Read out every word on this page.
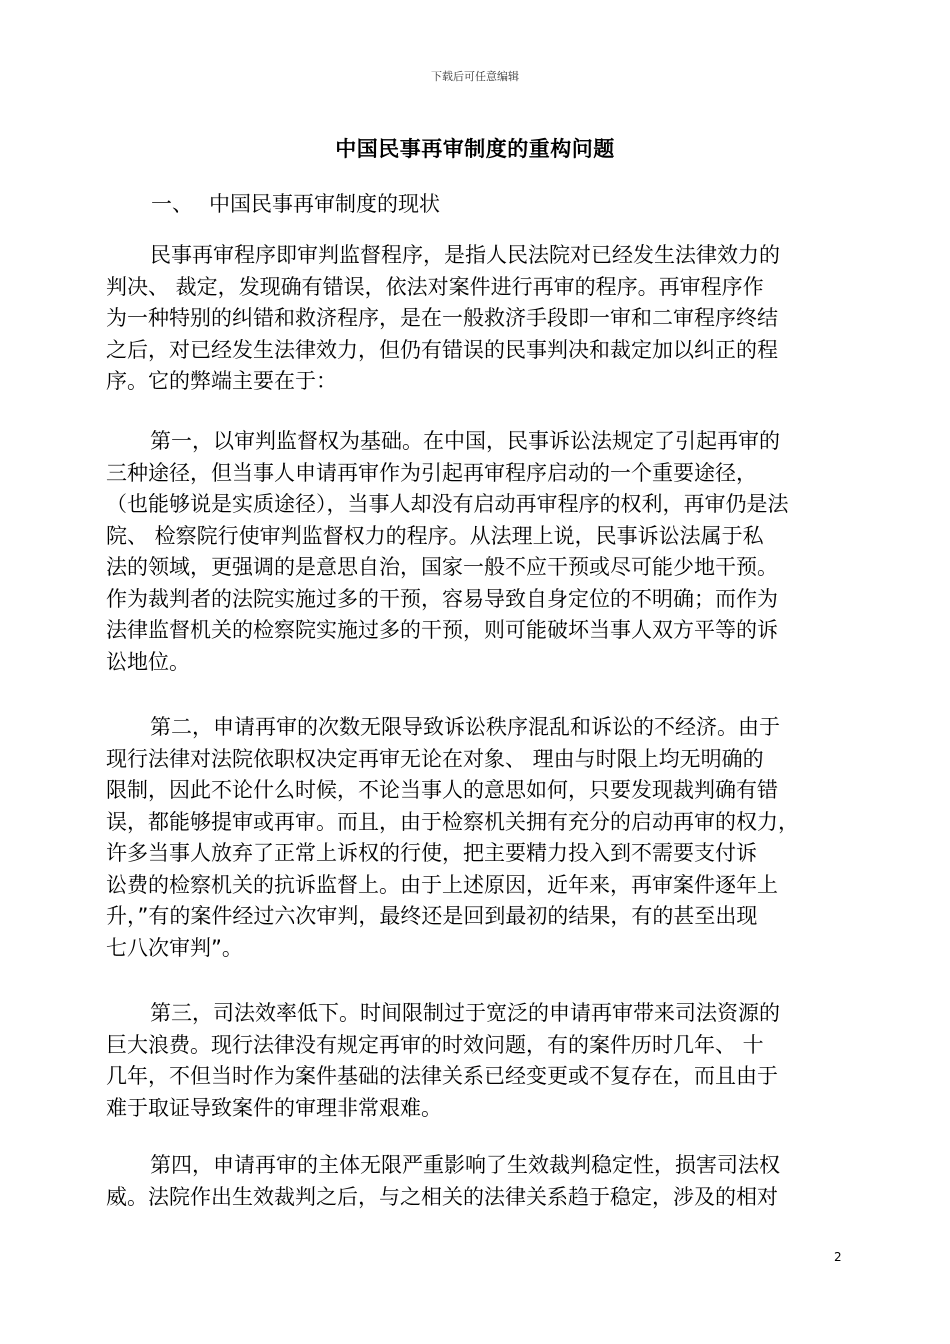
下载后可任意编辑
中国民事再审制度的重构问题
一、 中国民事再审制度的现状
民事再审程序即审判监督程序，是指人民法院对已经发生法律效力的
判决、 裁定，发现确有错误，依法对案件进行再审的程序。再审程序作
为一种特别的纠错和救济程序，是在一般救济手段即一审和二审程序终结
之后，对已经发生法律效力，但仍有错误的民事判决和裁定加以纠正的程
序。它的弊端主要在于：
第一，以审判监督权为基础。在中国，民事诉讼法规定了引起再审的
三种途径，但当事人申请再审作为引起再审程序启动的一个重要途径，
（也能够说是实质途径），当事人却没有启动再审程序的权利，再审仍是法
院、 检察院行使审判监督权力的程序。从法理上说，民事诉讼法属于私
法的领域，更强调的是意思自治，国家一般不应干预或尽可能少地干预。
作为裁判者的法院实施过多的干预，容易导致自身定位的不明确；而作为
法律监督机关的检察院实施过多的干预，则可能破坏当事人双方平等的诉
讼地位。
第二，申请再审的次数无限导致诉讼秩序混乱和诉讼的不经济。由于
现行法律对法院依职权决定再审无论在对象、 理由与时限上均无明确的
限制，因此不论什么时候，不论当事人的意思如何，只要发现裁判确有错
误，都能够提审或再审。而且，由于检察机关拥有充分的启动再审的权力，
许多当事人放弃了正常上诉权的行使，把主要精力投入到不需要支付诉
讼费的检察机关的抗诉监督上。由于上述原因，近年来，再审案件逐年上
升，”有的案件经过六次审判，最终还是回到最初的结果，有的甚至出现
七八次审判”。
第三，司法效率低下。时间限制过于宽泛的申请再审带来司法资源的
巨大浪费。现行法律没有规定再审的时效问题，有的案件历时几年、 十
几年，不但当时作为案件基础的法律关系已经变更或不复存在，而且由于
难于取证导致案件的审理非常艰难。
第四，申请再审的主体无限严重影响了生效裁判稳定性，损害司法权
威。法院作出生效裁判之后，与之相关的法律关系趋于稳定，涉及的相对
2
